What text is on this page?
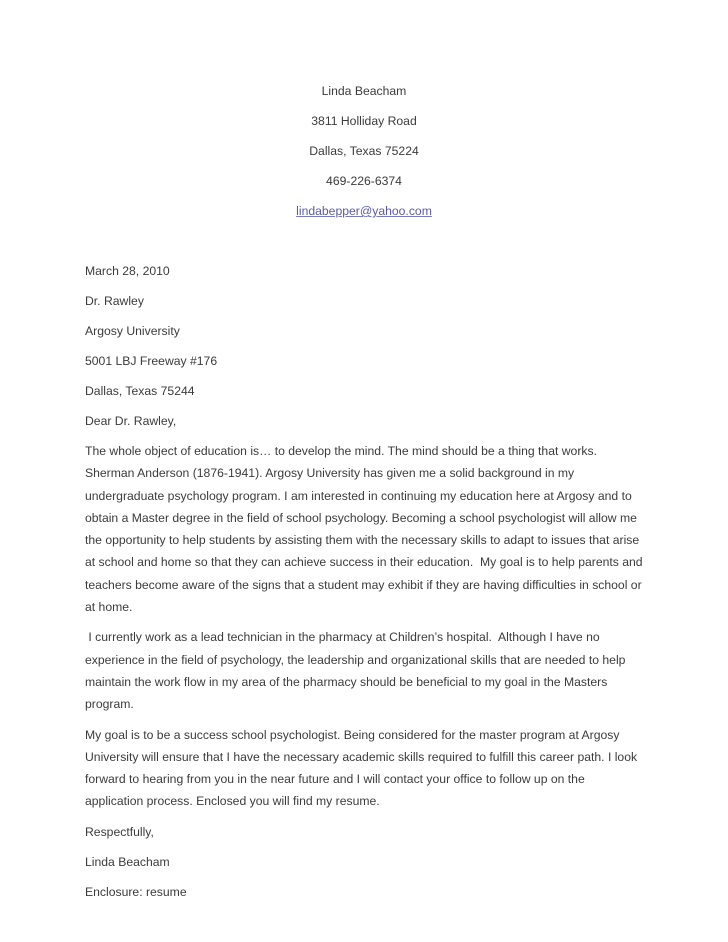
Linda Beacham

3811 Holliday Road

Dallas, Texas 75224

469-226-6374

lindabepper@yahoo.com

March 28, 2010

Dr. Rawley

Argosy University

5001 LBJ Freeway #176

Dallas, Texas 75244

Dear Dr. Rawley,

The whole object of education is… to develop the mind. The mind should be a thing that works. Sherman Anderson (1876-1941). Argosy University has given me a solid background in my undergraduate psychology program. I am interested in continuing my education here at Argosy and to obtain a Master degree in the field of school psychology. Becoming a school psychologist will allow me the opportunity to help students by assisting them with the necessary skills to adapt to issues that arise at school and home so that they can achieve success in their education.  My goal is to help parents and teachers become aware of the signs that a student may exhibit if they are having difficulties in school or at home.

I currently work as a lead technician in the pharmacy at Children’s hospital.  Although I have no experience in the field of psychology, the leadership and organizational skills that are needed to help maintain the work flow in my area of the pharmacy should be beneficial to my goal in the Masters program.

My goal is to be a success school psychologist. Being considered for the master program at Argosy University will ensure that I have the necessary academic skills required to fulfill this career path. I look forward to hearing from you in the near future and I will contact your office to follow up on the application process. Enclosed you will find my resume.

Respectfully,

Linda Beacham

Enclosure: resume
